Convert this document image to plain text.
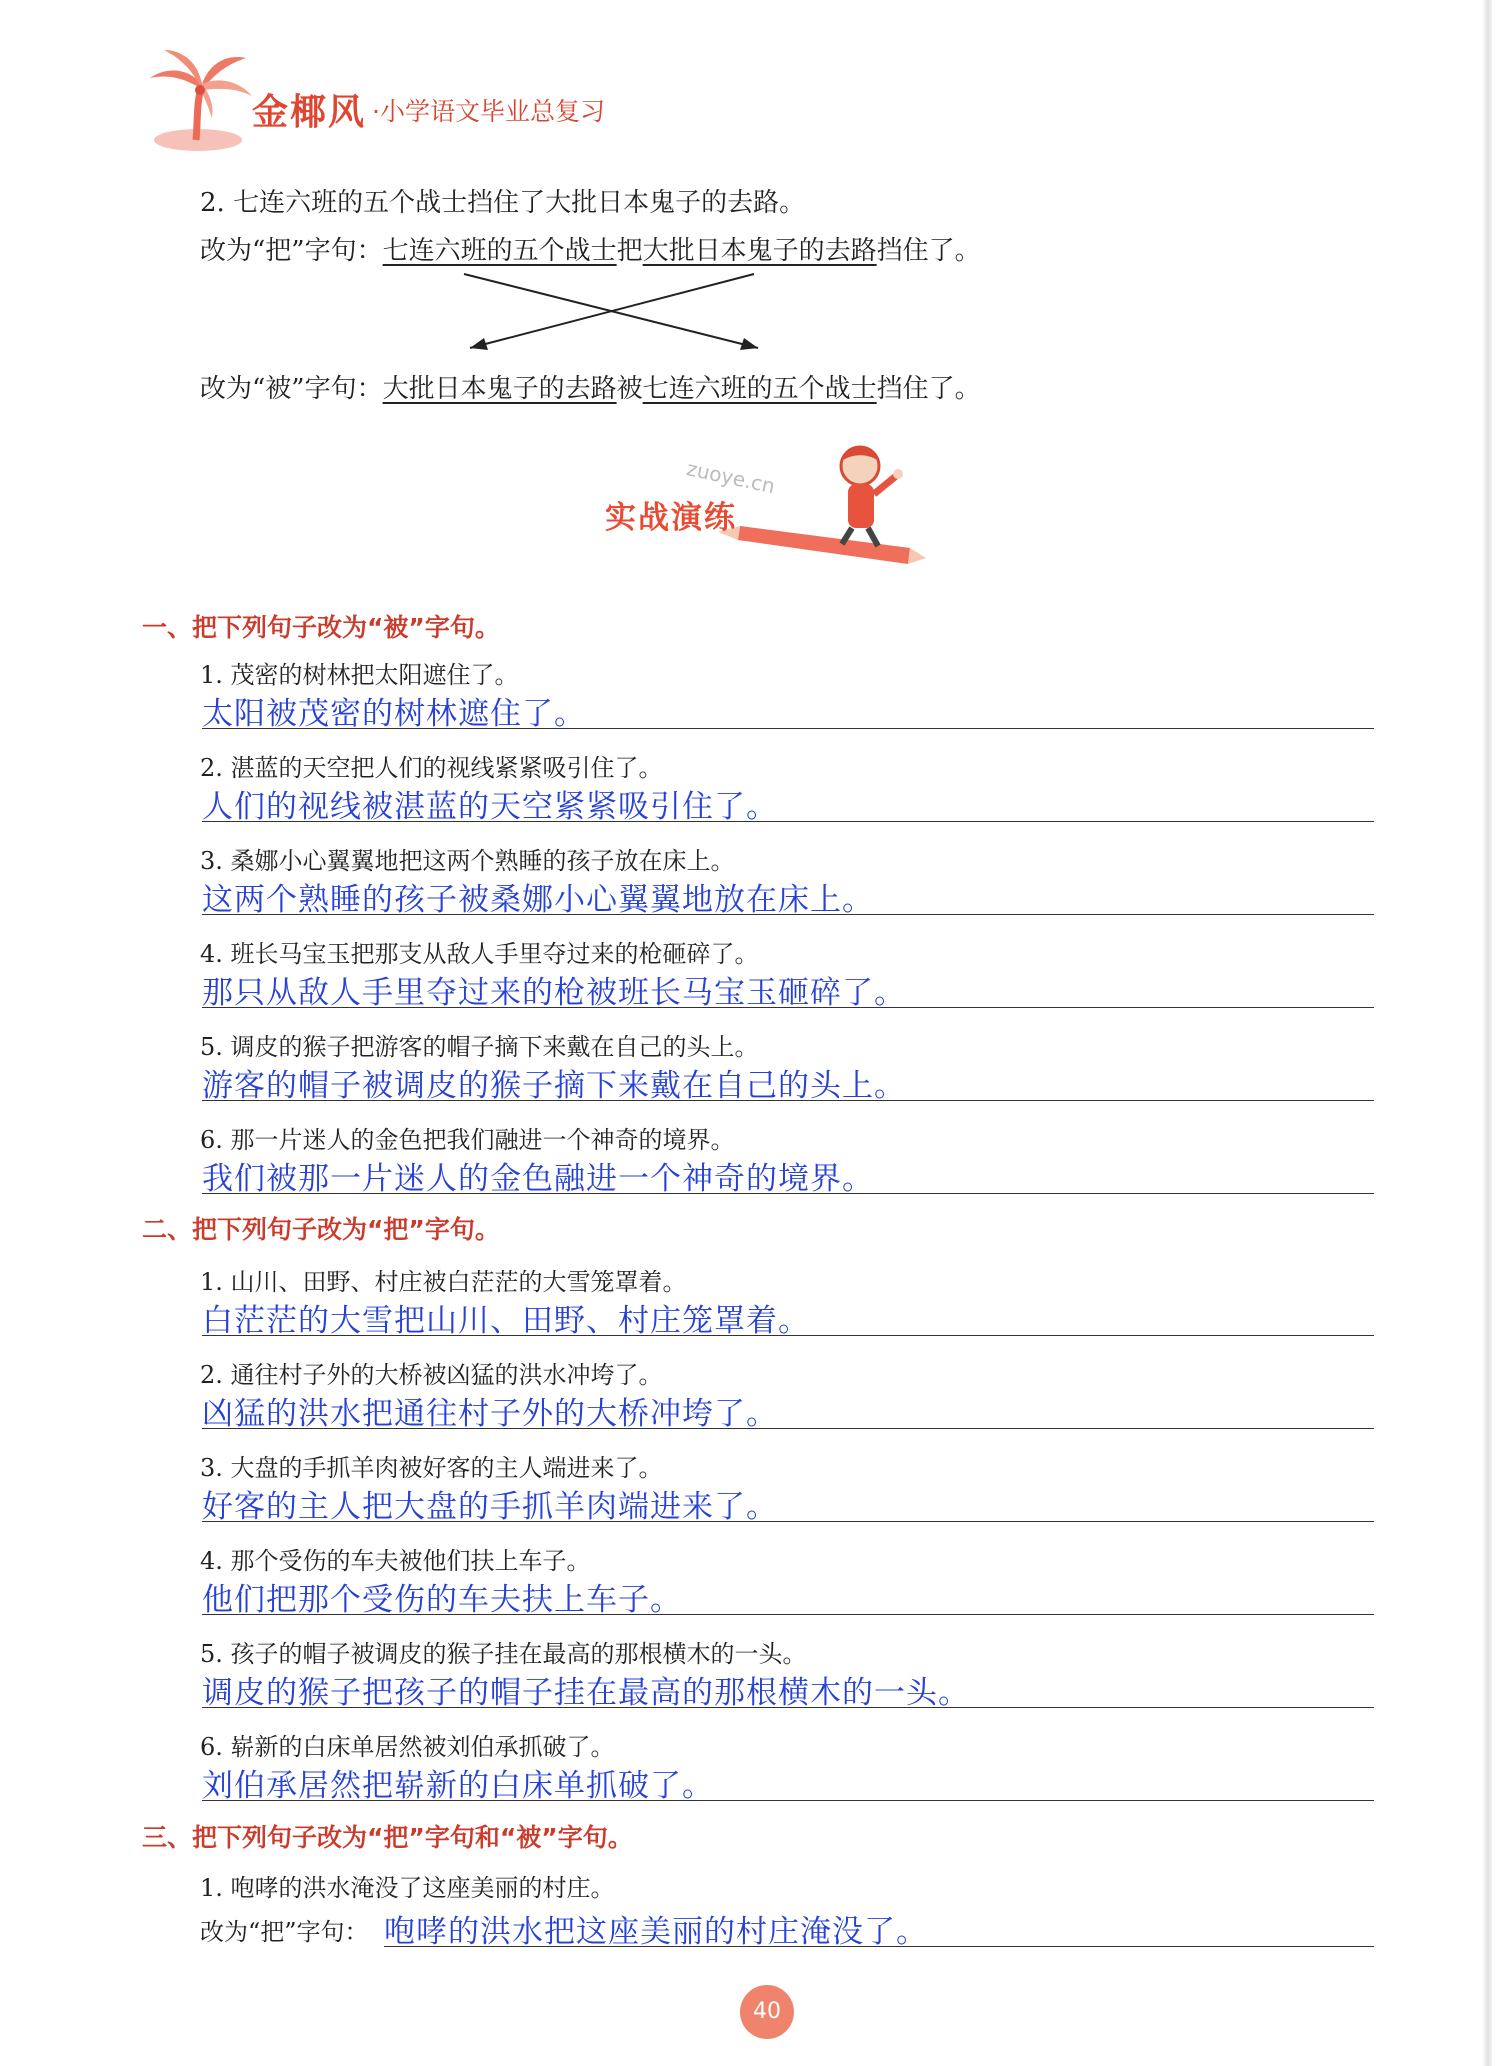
金椰风 ·小学语文毕业总复习
2. 七连六班的五个战士挡住了大批日本鬼子的去路。
改为“把”字句：七连六班的五个战士把大批日本鬼子的去路挡住了。
改为“被”字句：大批日本鬼子的去路被七连六班的五个战士挡住了。
zuoye.cn
实战演练
一、把下列句子改为“被”字句。
1. 茂密的树林把太阳遮住了。
太阳被茂密的树林遮住了。
2. 湛蓝的天空把人们的视线紧紧吸引住了。
人们的视线被湛蓝的天空紧紧吸引住了。
3. 桑娜小心翼翼地把这两个熟睡的孩子放在床上。
这两个熟睡的孩子被桑娜小心翼翼地放在床上。
4. 班长马宝玉把那支从敌人手里夺过来的枪砸碎了。
那只从敌人手里夺过来的枪被班长马宝玉砸碎了。
5. 调皮的猴子把游客的帽子摘下来戴在自己的头上。
游客的帽子被调皮的猴子摘下来戴在自己的头上。
6. 那一片迷人的金色把我们融进一个神奇的境界。
我们被那一片迷人的金色融进一个神奇的境界。
二、把下列句子改为“把”字句。
1. 山川、田野、村庄被白茫茫的大雪笼罩着。
白茫茫的大雪把山川、田野、村庄笼罩着。
2. 通往村子外的大桥被凶猛的洪水冲垮了。
凶猛的洪水把通往村子外的大桥冲垮了。
3. 大盘的手抓羊肉被好客的主人端进来了。
好客的主人把大盘的手抓羊肉端进来了。
4. 那个受伤的车夫被他们扶上车子。
他们把那个受伤的车夫扶上车子。
5. 孩子的帽子被调皮的猴子挂在最高的那根横木的一头。
调皮的猴子把孩子的帽子挂在最高的那根横木的一头。
6. 崭新的白床单居然被刘伯承抓破了。
刘伯承居然把崭新的白床单抓破了。
三、把下列句子改为“把”字句和“被”字句。
1. 咆哮的洪水淹没了这座美丽的村庄。
改为“把”字句： 咆哮的洪水把这座美丽的村庄淹没了。
40
